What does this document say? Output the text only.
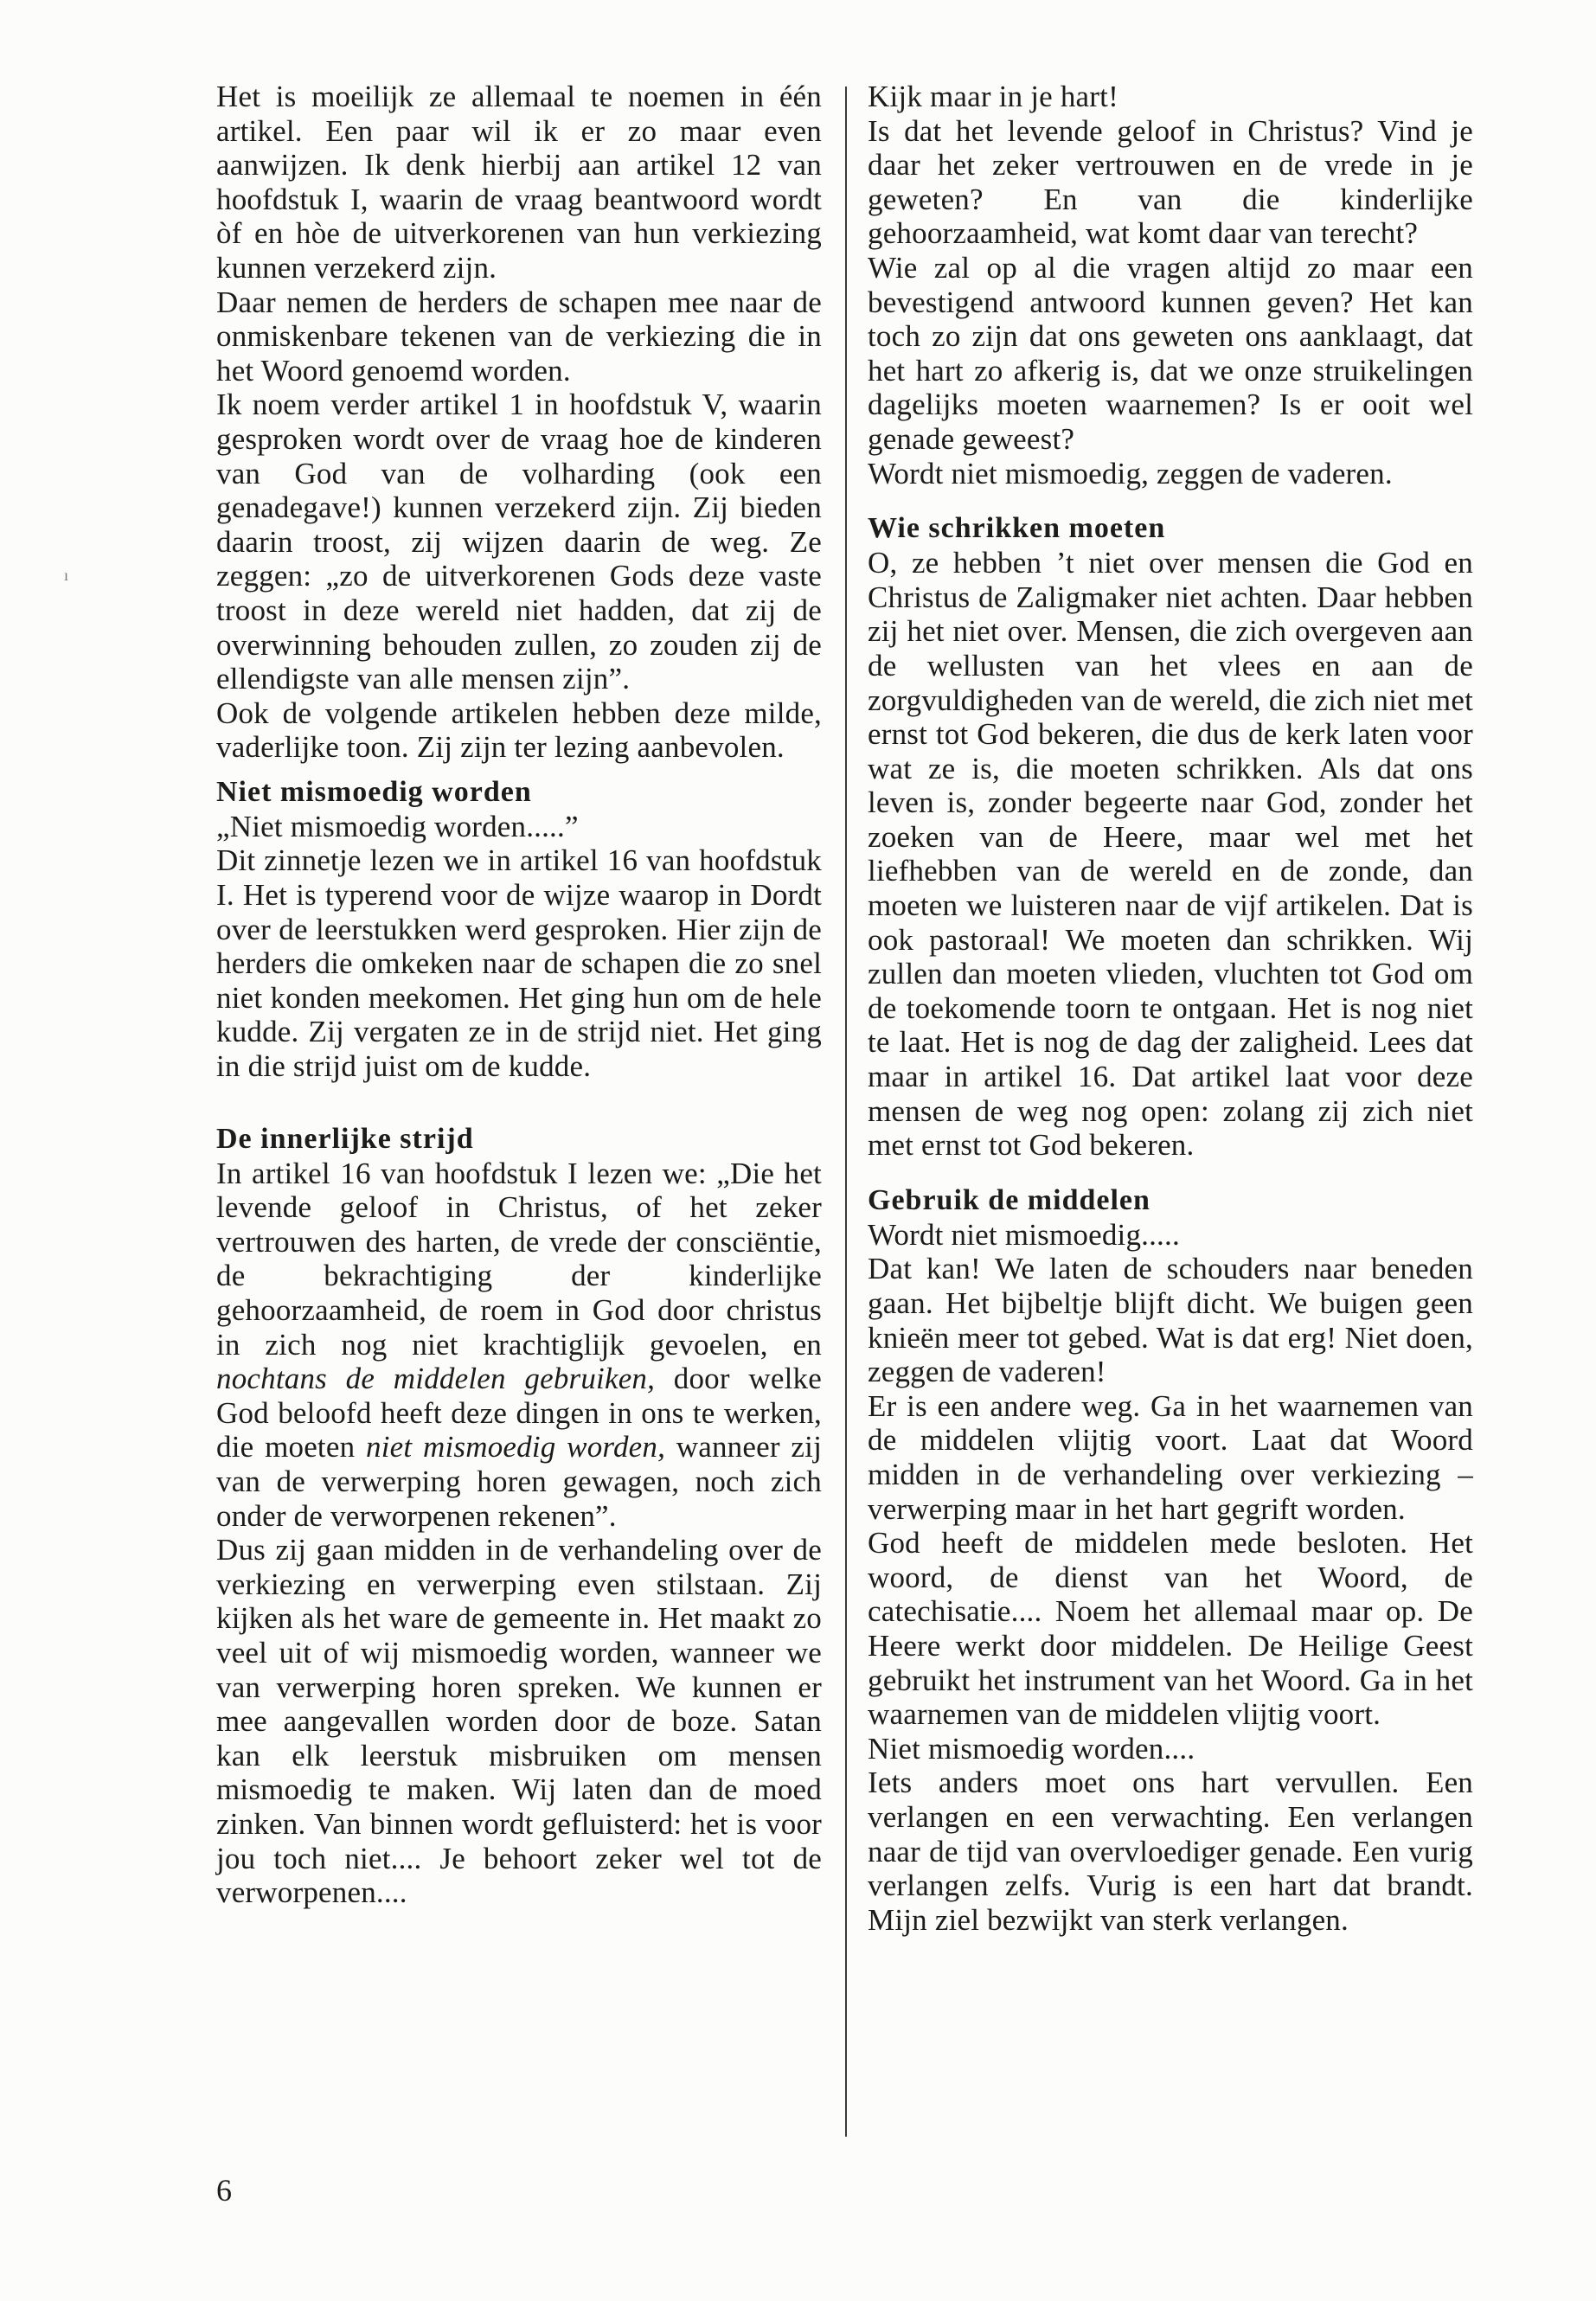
ı

Het is moeilijk ze allemaal te noemen in één artikel. Een paar wil ik er zo maar even aanwijzen. Ik denk hierbij aan artikel 12 van hoofdstuk I, waarin de vraag beantwoord wordt òf en hòe de uitverkorenen van hun verkiezing kunnen verzekerd zijn.

Daar nemen de herders de schapen mee naar de onmiskenbare tekenen van de verkiezing die in het Woord genoemd worden.

Ik noem verder artikel 1 in hoofdstuk V, waarin gesproken wordt over de vraag hoe de kinderen van God van de volharding (ook een genadegave!) kunnen verzekerd zijn. Zij bieden daarin troost, zij wijzen daarin de weg. Ze zeggen: „zo de uitverkorenen Gods deze vaste troost in deze wereld niet hadden, dat zij de overwinning behouden zullen, zo zouden zij de ellendigste van alle mensen zijn”.

Ook de volgende artikelen hebben deze milde, vaderlijke toon. Zij zijn ter lezing aanbevolen.

Niet mismoedig worden

„Niet mismoedig worden.....”

Dit zinnetje lezen we in artikel 16 van hoofdstuk I. Het is typerend voor de wijze waarop in Dordt over de leerstukken werd gesproken. Hier zijn de herders die omkeken naar de schapen die zo snel niet konden meekomen. Het ging hun om de hele kudde. Zij vergaten ze in de strijd niet. Het ging in die strijd juist om de kudde.

De innerlijke strijd

In artikel 16 van hoofdstuk I lezen we: „Die het levende geloof in Christus, of het zeker vertrouwen des harten, de vrede der consciëntie, de bekrachtiging der kinderlijke gehoorzaamheid, de roem in God door christus in zich nog niet krachtiglijk gevoelen, en nochtans de middelen gebruiken, door welke God beloofd heeft deze dingen in ons te werken, die moeten niet mismoedig worden, wanneer zij van de verwerping horen gewagen, noch zich onder de verworpenen rekenen”.

Dus zij gaan midden in de verhandeling over de verkiezing en verwerping even stilstaan. Zij kijken als het ware de gemeente in. Het maakt zo veel uit of wij mismoedig worden, wanneer we van verwerping horen spreken. We kunnen er mee aangevallen worden door de boze. Satan kan elk leerstuk misbruiken om mensen mismoedig te maken. Wij laten dan de moed zinken. Van binnen wordt gefluisterd: het is voor jou toch niet.... Je behoort zeker wel tot de verworpenen....

Kijk maar in je hart!

Is dat het levende geloof in Christus? Vind je daar het zeker vertrouwen en de vrede in je geweten? En van die kinderlijke gehoorzaamheid, wat komt daar van terecht?

Wie zal op al die vragen altijd zo maar een bevestigend antwoord kunnen geven? Het kan toch zo zijn dat ons geweten ons aanklaagt, dat het hart zo afkerig is, dat we onze struikelingen dagelijks moeten waarnemen? Is er ooit wel genade geweest?

Wordt niet mismoedig, zeggen de vaderen.

Wie schrikken moeten

O, ze hebben ’t niet over mensen die God en Christus de Zaligmaker niet achten. Daar hebben zij het niet over. Mensen, die zich overgeven aan de wellusten van het vlees en aan de zorgvuldigheden van de wereld, die zich niet met ernst tot God bekeren, die dus de kerk laten voor wat ze is, die moeten schrikken. Als dat ons leven is, zonder begeerte naar God, zonder het zoeken van de Heere, maar wel met het liefhebben van de wereld en de zonde, dan moeten we luisteren naar de vijf artikelen. Dat is ook pastoraal! We moeten dan schrikken. Wij zullen dan moeten vlieden, vluchten tot God om de toekomende toorn te ontgaan. Het is nog niet te laat. Het is nog de dag der zaligheid. Lees dat maar in artikel 16. Dat artikel laat voor deze mensen de weg nog open: zolang zij zich niet met ernst tot God bekeren.

Gebruik de middelen

Wordt niet mismoedig.....

Dat kan! We laten de schouders naar beneden gaan. Het bijbeltje blijft dicht. We buigen geen knieën meer tot gebed. Wat is dat erg! Niet doen, zeggen de vaderen!

Er is een andere weg. Ga in het waarnemen van de middelen vlijtig voort. Laat dat Woord midden in de verhandeling over verkiezing – verwerping maar in het hart gegrift worden.

God heeft de middelen mede besloten. Het woord, de dienst van het Woord, de catechisatie.... Noem het allemaal maar op. De Heere werkt door middelen. De Heilige Geest gebruikt het instrument van het Woord. Ga in het waarnemen van de middelen vlijtig voort.

Niet mismoedig worden....

Iets anders moet ons hart vervullen. Een verlangen en een verwachting. Een verlangen naar de tijd van overvloediger genade. Een vurig verlangen zelfs. Vurig is een hart dat brandt. Mijn ziel bezwijkt van sterk verlangen.

6
